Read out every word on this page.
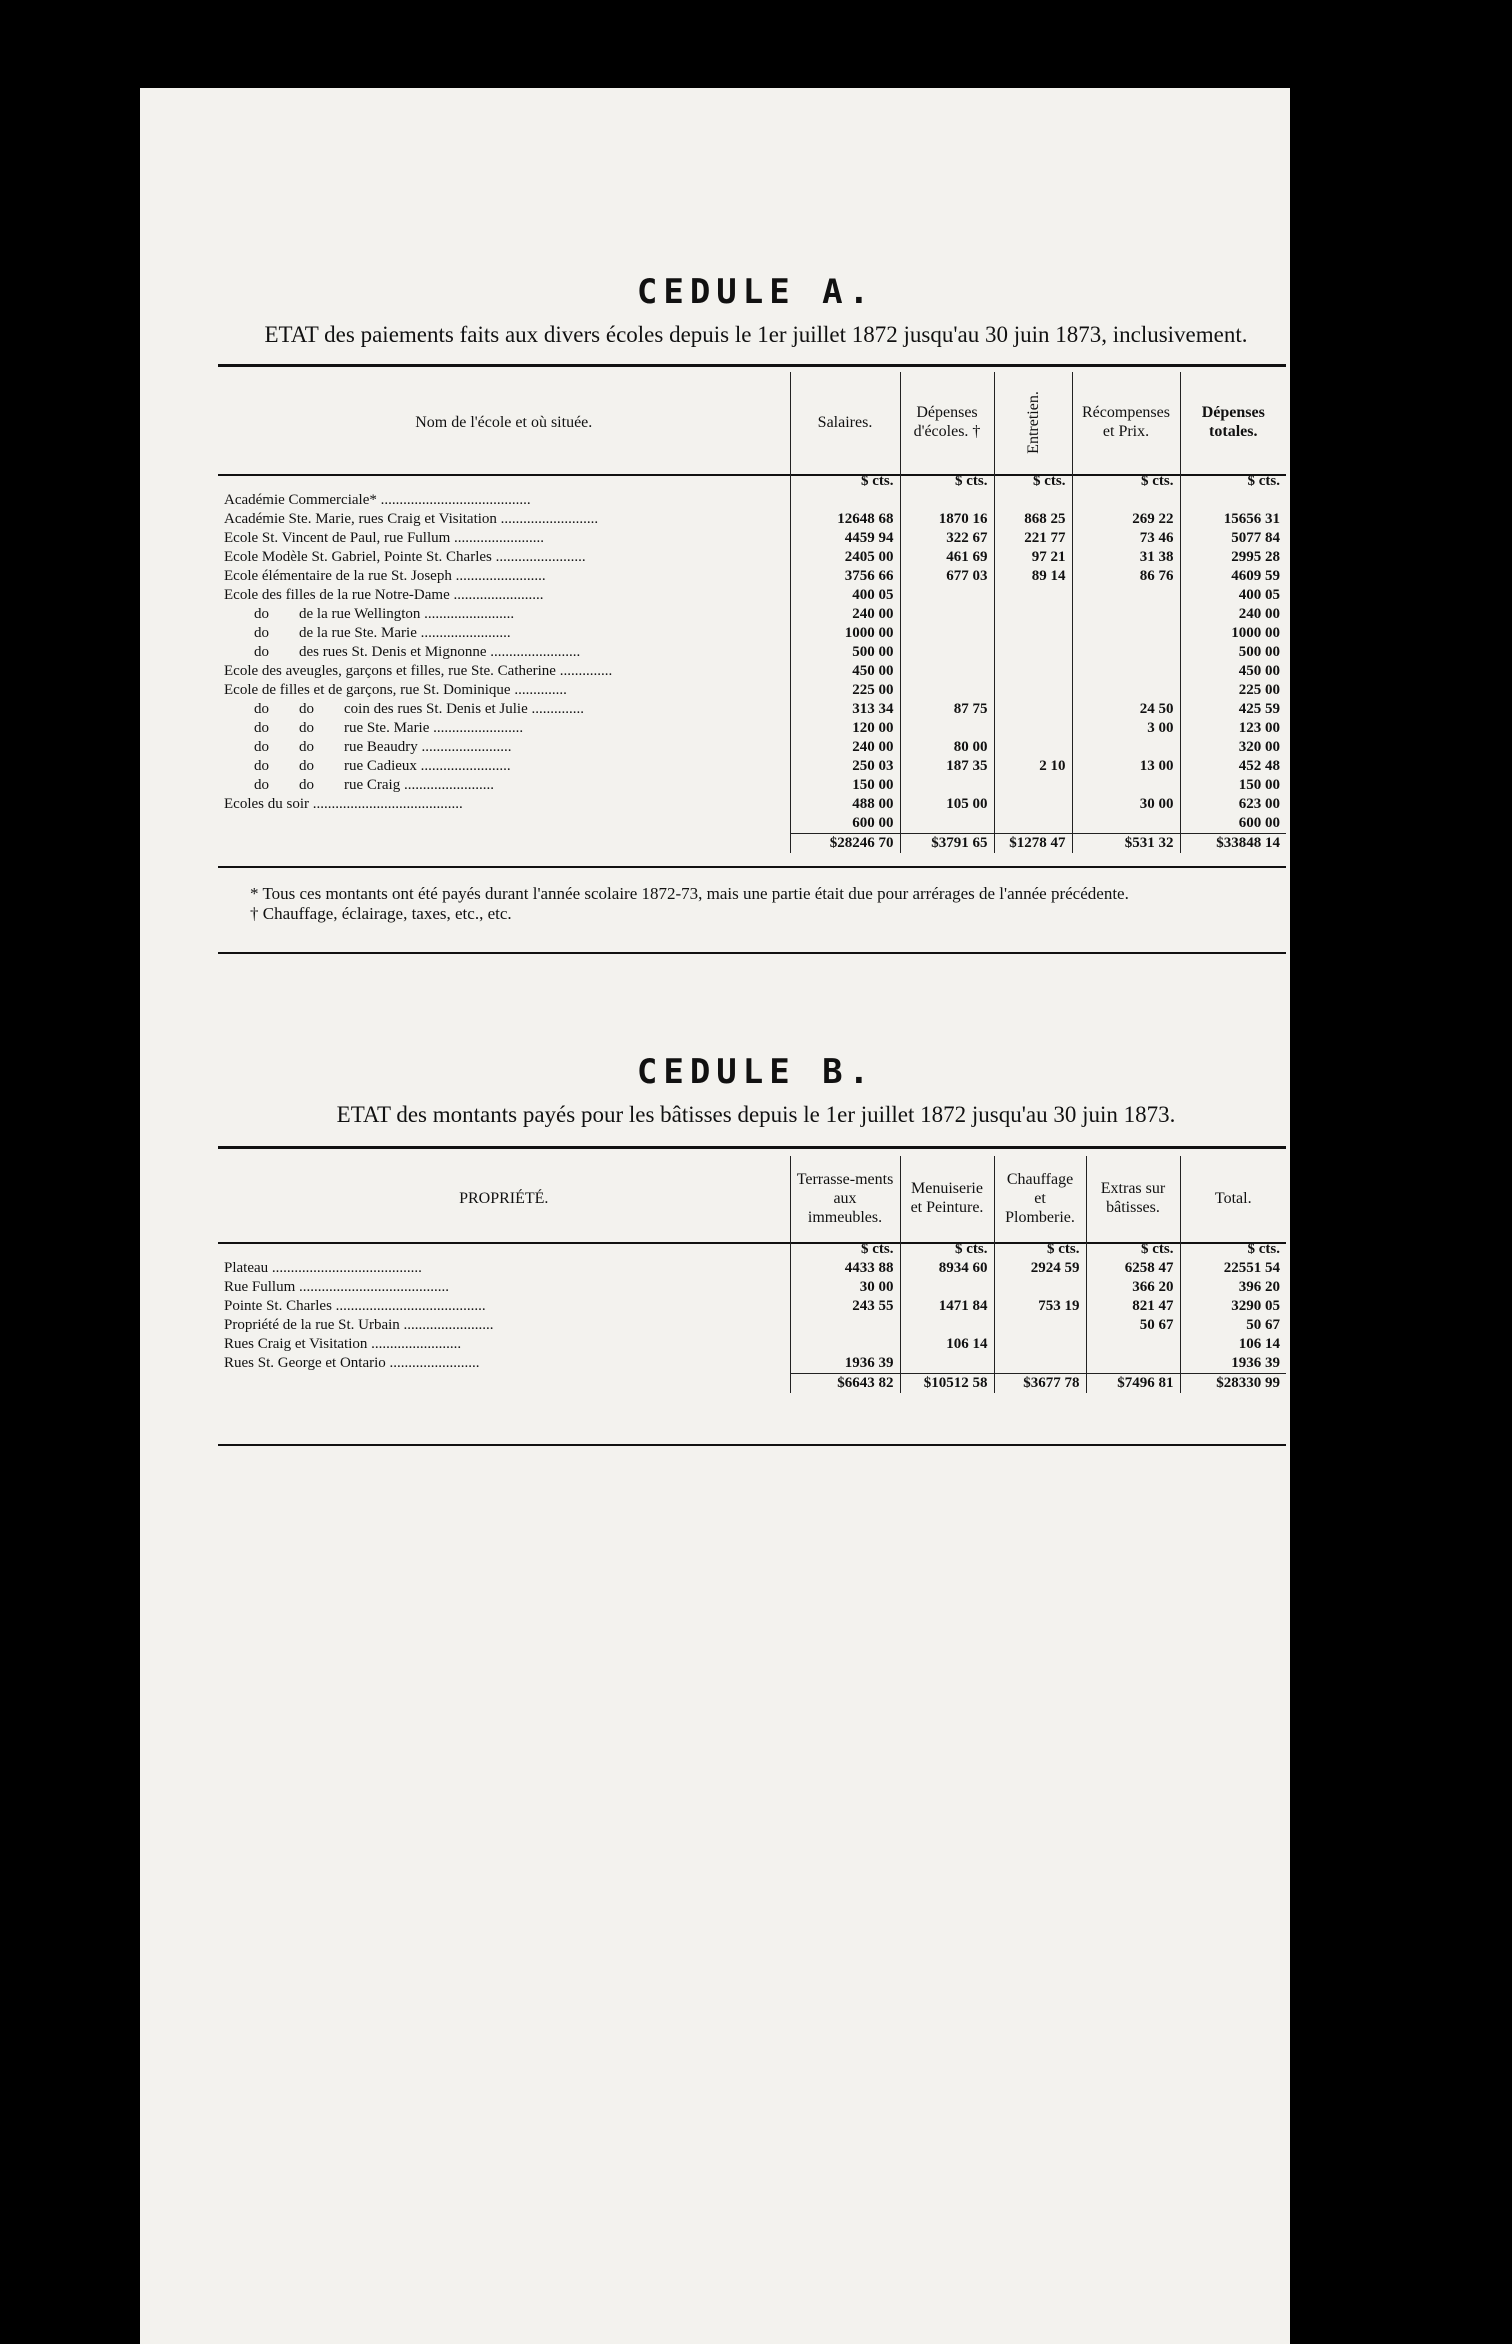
CEDULE A.
ETAT des paiements faits aux divers écoles depuis le 1er juillet 1872 jusqu'au 30 juin 1873, inclusivement.
Nom de l'école et où située.	Salaires.	Dépenses d'écoles. †	Entretien.	Récompenses et Prix.	Dépenses totales.
	$ cts.	$ cts.	$ cts.	$ cts.	$ cts.
Académie Commerciale* ........................................					
Académie Ste. Marie, rues Craig et Visitation ..........................	12648 68	1870 16	868 25	269 22	15656 31
Ecole St. Vincent de Paul, rue Fullum ........................	4459 94	322 67	221 77	73 46	5077 84
Ecole Modèle St. Gabriel, Pointe St. Charles ........................	2405 00	461 69	97 21	31 38	2995 28
Ecole élémentaire de la rue St. Joseph ........................	3756 66	677 03	89 14	86 76	4609 59
Ecole des filles de la rue Notre-Dame ........................	400 05				400 05
do        de la rue Wellington ........................	240 00				240 00
do        de la rue Ste. Marie ........................	1000 00				1000 00
do        des rues St. Denis et Mignonne ........................	500 00				500 00
Ecole des aveugles, garçons et filles, rue Ste. Catherine ..............	450 00				450 00
Ecole de filles et de garçons, rue St. Dominique ..............	225 00				225 00
do        do        coin des rues St. Denis et Julie ..............	313 34	87 75		24 50	425 59
do        do        rue Ste. Marie ........................	120 00			3 00	123 00
do        do        rue Beaudry ........................	240 00	80 00			320 00
do        do        rue Cadieux ........................	250 03	187 35	2 10	13 00	452 48
do        do        rue Craig ........................	150 00				150 00
Ecoles du soir ........................................	488 00	105 00		30 00	623 00
	600 00				600 00
	$28246 70	$3791 65	$1278 47	$531 32	$33848 14
* Tous ces montants ont été payés durant l'année scolaire 1872-73, mais une partie était due pour arrérages de l'année précédente.
† Chauffage, éclairage, taxes, etc., etc.
CEDULE B.
ETAT des montants payés pour les bâtisses depuis le 1er juillet 1872 jusqu'au 30 juin 1873.
PROPRIÉTÉ.	Terrasse-ments aux immeubles.	Menuiserie et Peinture.	Chauffage et Plomberie.	Extras sur bâtisses.	Total.
	$ cts.	$ cts.	$ cts.	$ cts.	$ cts.
Plateau ........................................	4433 88	8934 60	2924 59	6258 47	22551 54
Rue Fullum ........................................	30 00			366 20	396 20
Pointe St. Charles ........................................	243 55	1471 84	753 19	821 47	3290 05
Propriété de la rue St. Urbain ........................				50 67	50 67
Rues Craig et Visitation ........................		106 14			106 14
Rues St. George et Ontario ........................	1936 39				1936 39
	$6643 82	$10512 58	$3677 78	$7496 81	$28330 99
